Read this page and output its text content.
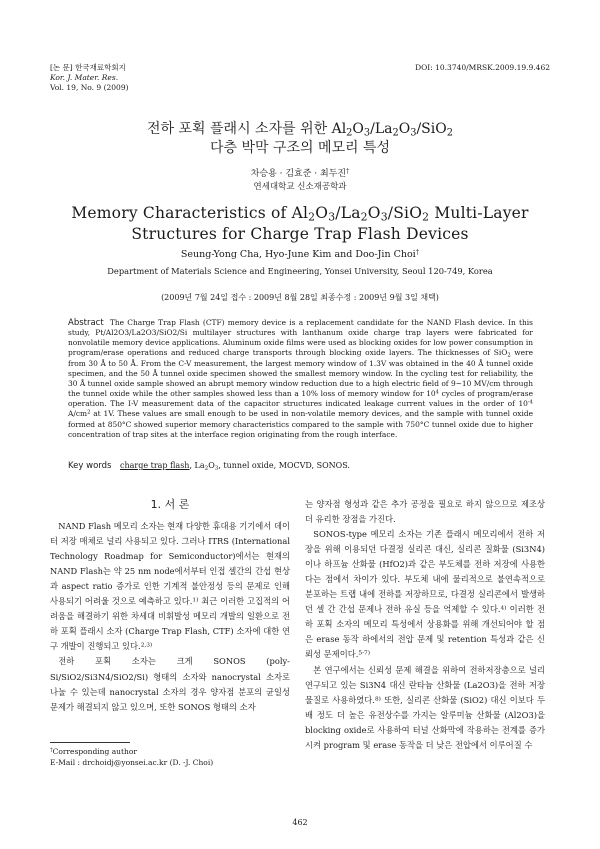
[논 문] 한국재료학회지
Kor. J. Mater. Res.
Vol. 19, No. 9 (2009)
DOI: 10.3740/MRSK.2009.19.9.462
전하 포획 플래시 소자를 위한 $Al_2O_3/La_2O_3/SiO_2$
다층 박막 구조의 메모리 특성
차승용 · 김효준 · 최두진†
연세대학교 신소재공학과
Memory Characteristics of $Al_2O_3/La_2O_3/SiO_2$ Multi-Layer
Structures for Charge Trap Flash Devices
Seung-Yong Cha, Hyo-June Kim and Doo-Jin Choi†
Department of Materials Science and Engineering, Yonsei University, Seoul 120-749, Korea
(2009년 7월 24일 접수 : 2009년 8월 28일 최종수정 : 2009년 9월 3일 채택)
Abstract The Charge Trap Flash (CTF) memory device is a replacement candidate for the NAND Flash device. In this study, Pt/Al2O3/La2O3/SiO2/Si multilayer structures with lanthanum oxide charge trap layers were fabricated for nonvolatile memory device applications. Aluminum oxide films were used as blocking oxides for low power consumption in program/erase operations and reduced charge transports through blocking oxide layers. The thicknesses of SiO$_2$ were from 30 Å to 50 Å. From the C-V measurement, the largest memory window of 1.3V was obtained in the 40 Å tunnel oxide specimen, and the 50 Å tunnel oxide specimen showed the smallest memory window. In the cycling test for reliability, the 30 Å tunnel oxide sample showed an abrupt memory window reduction due to a high electric field of 9~10 MV/cm through the tunnel oxide while the other samples showed less than a 10% loss of memory window for $10^4$ cycles of program/erase operation. The I-V measurement data of the capacitor structures indicated leakage current values in the order of $10^{-4}$ $A/cm^2$ at 1V. These values are small enough to be used in non-volatile memory devices, and the sample with tunnel oxide formed at 850°C showed superior memory characteristics compared to the sample with 750°C tunnel oxide due to higher concentration of trap sites at the interface region originating from the rough interface.
Key words charge trap flash, $La_2O_3$, tunnel oxide, MOCVD, SONOS.
1. 서 론

NAND Flash 메모리 소자는 현재 다양한 휴대용 기기에서 데이터 저장 매체로 널리 사용되고 있다. 그러나 ITRS (International Technology Roadmap for Semiconductor)에서는 현재의 NAND Flash는 약 25 nm node에서부터 인접 셀간의 간섭 현상과 aspect ratio 증가로 인한 기계적 불안정성 등의 문제로 인해 사용되기 어려울 것으로 예측하고 있다.$^{1)}$ 최근 이러한 고집적의 어려움을 해결하기 위한 차세대 비휘발성 메모리 개발의 일환으로 전하 포획 플래시 소자 (Charge Trap Flash, CTF) 소자에 대한 연구 개발이 진행되고 있다.$^{2,3)}$

전하 포획 소자는 크게 SONOS (poly-Si/SiO2/Si3N4/SiO2/Si) 형태의 소자와 nanocrystal 소자로 나눌 수 있는데 nanocrystal 소자의 경우 양자점 분포의 균일성 문제가 해결되지 않고 있으며, 또한 SONOS 형태의 소자

는 양자점 형성과 같은 추가 공정을 필요로 하지 않으므로 제조상 더 유리한 장점을 가진다.

SONOS-type 메모리 소자는 기존 플래시 메모리에서 전하 저장을 위해 이용되던 다결정 실리콘 대신, 실리콘 질화물 (Si3N4)이나 하프늄 산화물 (HfO2)과 같은 부도체를 전하 저장에 사용한다는 점에서 차이가 있다. 부도체 내에 물리적으로 불연속적으로 분포하는 트랩 내에 전하를 저장하므로, 다결정 실리콘에서 발생하던 셀 간 간섭 문제나 전하 유실 등을 억제할 수 있다.$^{4)}$ 이러한 전하 포획 소자의 메모리 특성에서 상용화를 위해 개선되어야 할 점은 erase 동작 하에서의 전압 문제 및 retention 특성과 같은 신뢰성 문제이다.$^{5-7)}$

본 연구에서는 신뢰성 문제 해결을 위하여 전하저장층으로 널리 연구되고 있는 Si3N4 대신 란타늄 산화물 (La2O3)을 전하 저장 물질로 사용하였다.$^{8)}$ 또한, 실리콘 산화물 (SiO2) 대신 이보다 두 배 정도 더 높은 유전상수를 가지는 알루미늄 산화물 (Al2O3)을 blocking oxide로 사용하여 터널 산화막에 작용하는 전계를 증가시켜 program 및 erase 동작을 더 낮은 전압에서 이루어질 수

†Corresponding author
E-Mail : drchoidj@yonsei.ac.kr (D. -J. Choi)
462
